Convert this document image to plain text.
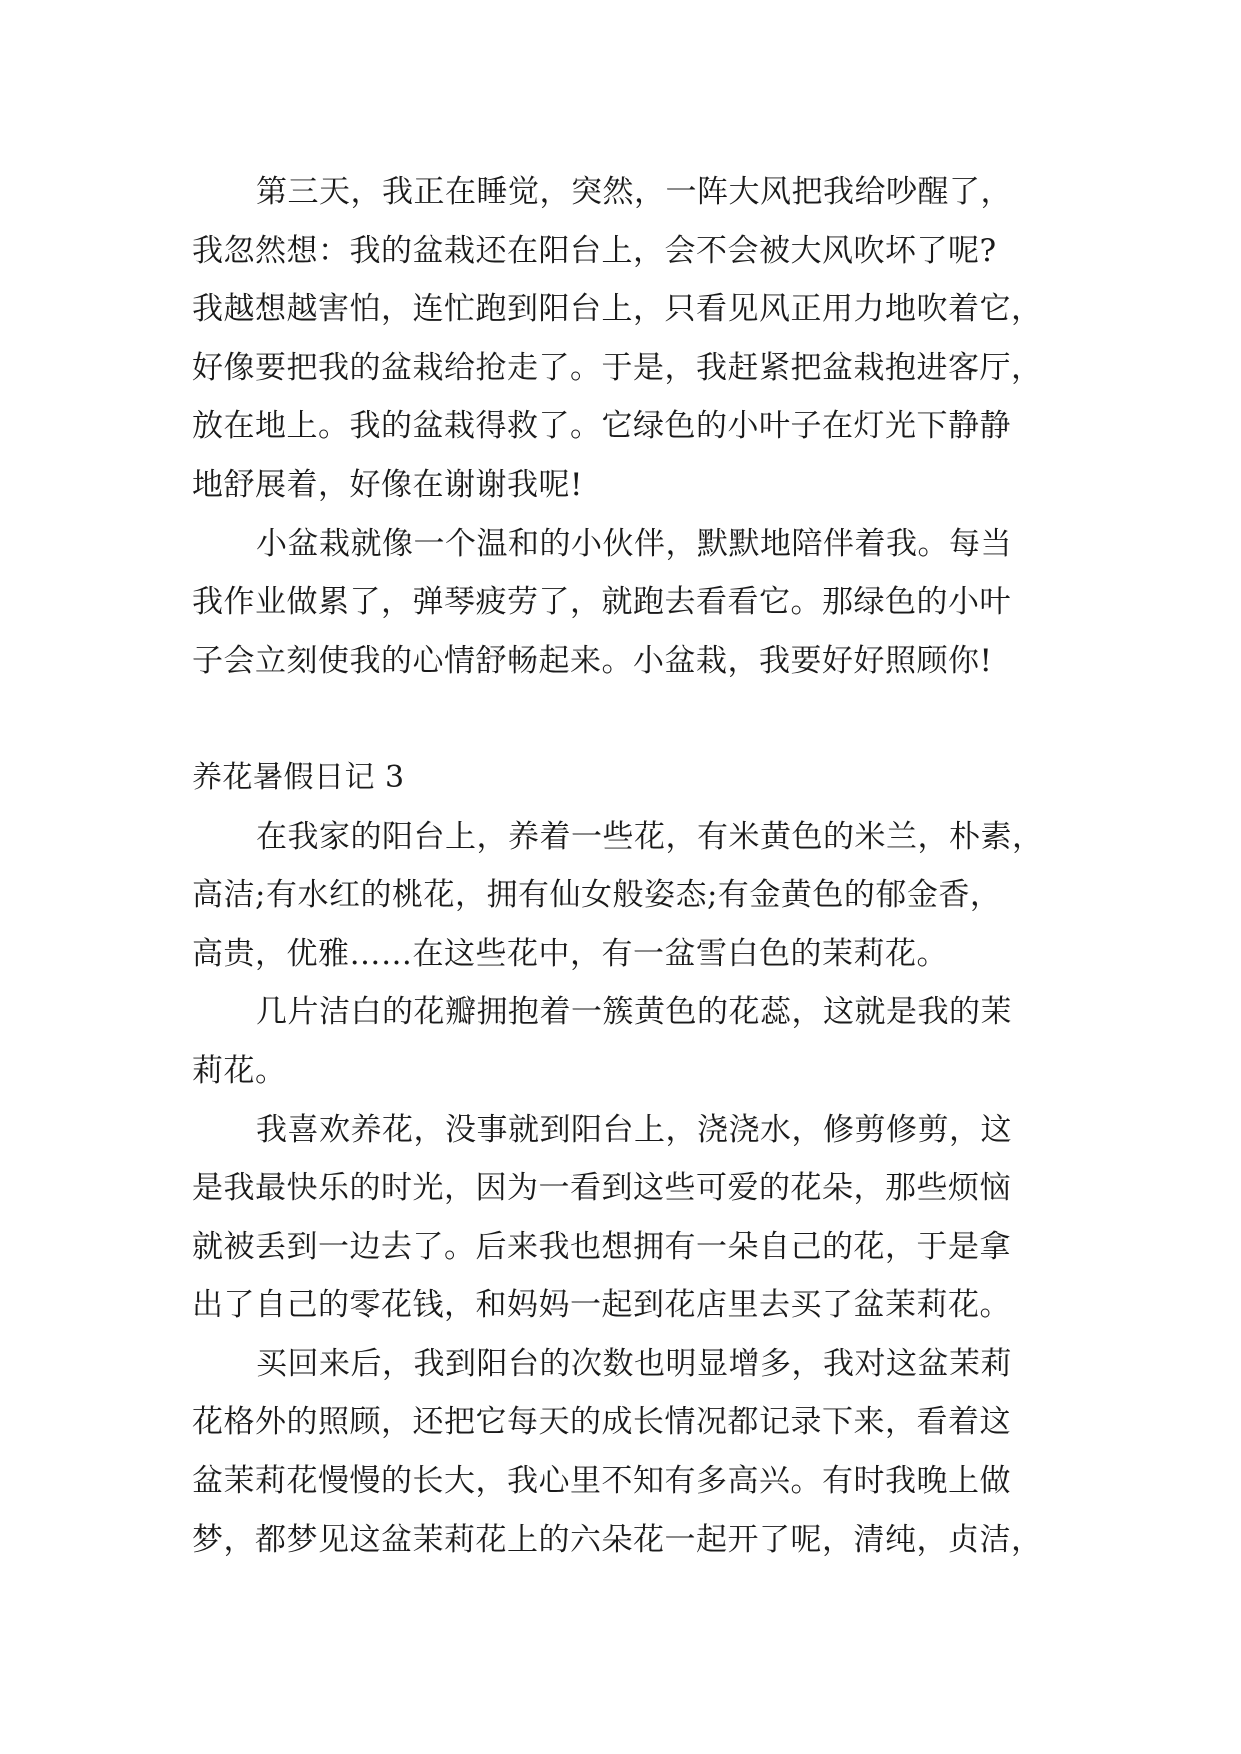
第三天，我正在睡觉，突然，一阵大风把我给吵醒了，
我忽然想：我的盆栽还在阳台上，会不会被大风吹坏了呢?
我越想越害怕，连忙跑到阳台上，只看见风正用力地吹着它，
好像要把我的盆栽给抢走了。于是，我赶紧把盆栽抱进客厅，
放在地上。我的盆栽得救了。它绿色的小叶子在灯光下静静
地舒展着，好像在谢谢我呢!
小盆栽就像一个温和的小伙伴，默默地陪伴着我。每当
我作业做累了，弹琴疲劳了，就跑去看看它。那绿色的小叶
子会立刻使我的心情舒畅起来。小盆栽，我要好好照顾你!
养花暑假日记 3
在我家的阳台上，养着一些花，有米黄色的米兰，朴素，
高洁;有水红的桃花，拥有仙女般姿态;有金黄色的郁金香，
高贵，优雅……在这些花中，有一盆雪白色的茉莉花。
几片洁白的花瓣拥抱着一簇黄色的花蕊，这就是我的茉
莉花。
我喜欢养花，没事就到阳台上，浇浇水，修剪修剪，这
是我最快乐的时光，因为一看到这些可爱的花朵，那些烦恼
就被丢到一边去了。后来我也想拥有一朵自己的花，于是拿
出了自己的零花钱，和妈妈一起到花店里去买了盆茉莉花。
买回来后，我到阳台的次数也明显增多，我对这盆茉莉
花格外的照顾，还把它每天的成长情况都记录下来，看着这
盆茉莉花慢慢的长大，我心里不知有多高兴。有时我晚上做
梦，都梦见这盆茉莉花上的六朵花一起开了呢，清纯，贞洁，
